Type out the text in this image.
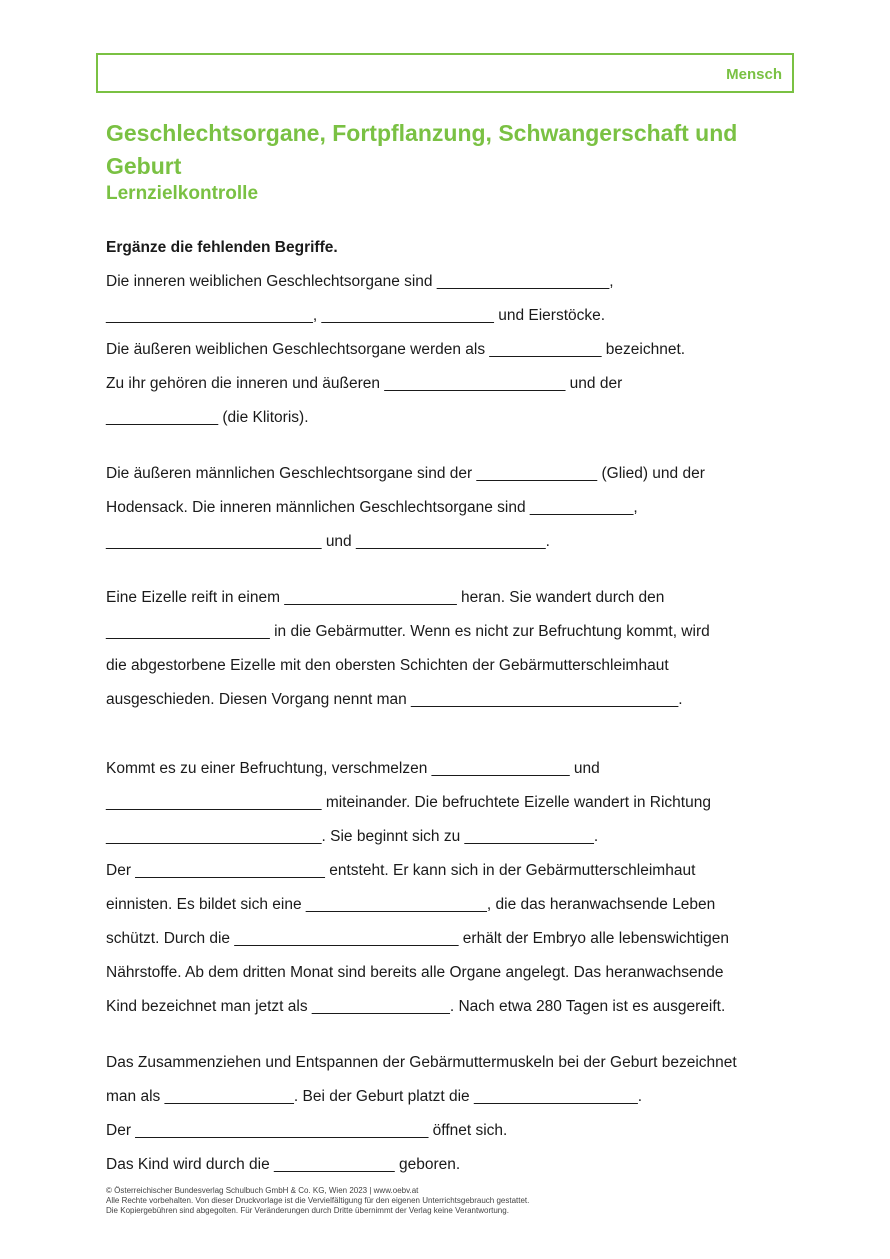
Mensch
Geschlechtsorgane, Fortpflanzung, Schwangerschaft und Geburt
Lernzielkontrolle

Ergänze die fehlenden Begriffe.

Die inneren weiblichen Geschlechtsorgane sind ____________________,

________________________, ____________________ und Eierstöcke.

Die äußeren weiblichen Geschlechtsorgane werden als _____________ bezeichnet.

Zu ihr gehören die inneren und äußeren _____________________ und der

_____________ (die Klitoris).

Die äußeren männlichen Geschlechtsorgane sind der ______________ (Glied) und der

Hodensack. Die inneren männlichen Geschlechtsorgane sind ____________,

_________________________ und ______________________.

Eine Eizelle reift in einem ____________________ heran. Sie wandert durch den

___________________ in die Gebärmutter. Wenn es nicht zur Befruchtung kommt, wird

die abgestorbene Eizelle mit den obersten Schichten der Gebärmutterschleimhaut

ausgeschieden. Diesen Vorgang nennt man _______________________________.

Kommt es zu einer Befruchtung, verschmelzen ________________ und

_________________________ miteinander. Die befruchtete Eizelle wandert in Richtung

_________________________. Sie beginnt sich zu _______________.

Der ______________________ entsteht. Er kann sich in der Gebärmutterschleimhaut

einnisten. Es bildet sich eine _____________________, die das heranwachsende Leben

schützt. Durch die __________________________ erhält der Embryo alle lebenswichtigen

Nährstoffe. Ab dem dritten Monat sind bereits alle Organe angelegt. Das heranwachsende

Kind bezeichnet man jetzt als ________________. Nach etwa 280 Tagen ist es ausgereift.

Das Zusammenziehen und Entspannen der Gebärmuttermuskeln bei der Geburt bezeichnet

man als _______________. Bei der Geburt platzt die ___________________.

Der __________________________________ öffnet sich.

Das Kind wird durch die ______________ geboren.

© Österreichischer Bundesverlag Schulbuch GmbH & Co. KG, Wien 2023 | www.oebv.at
Alle Rechte vorbehalten. Von dieser Druckvorlage ist die Vervielfältigung für den eigenen Unterrichtsgebrauch gestattet.
Die Kopiergebühren sind abgegolten. Für Veränderungen durch Dritte übernimmt der Verlag keine Verantwortung.
